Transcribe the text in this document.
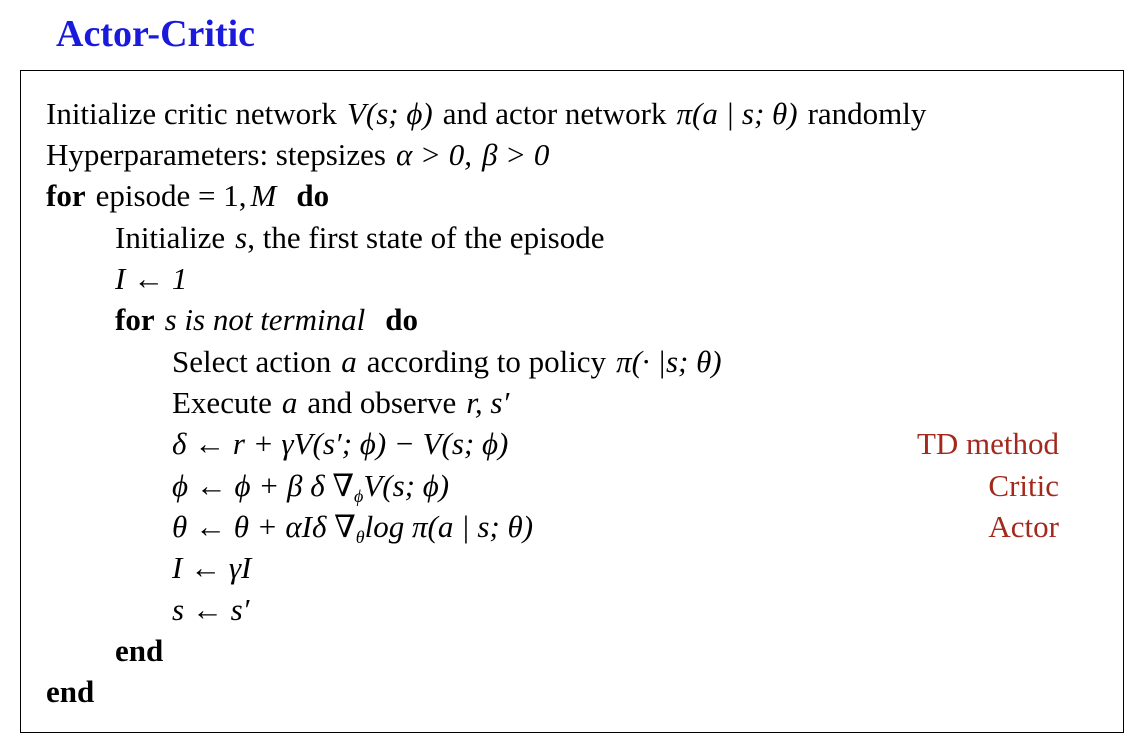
Actor-Critic
Initialize critic network V(s; ϕ) and actor network π(a | s; θ) randomly
Hyperparameters: stepsizes α > 0, β > 0
for episode = 1, M do
Initialize s, the first state of the episode
I ← 1
for s is not terminal do
Select action a according to policy π(· |s; θ)
Execute a and observe r, s′
δ ← r + γV(s′; ϕ) − V(s; ϕ)	TD method
ϕ ← ϕ + β δ $\nabla_\phi V(s$; ϕ)	Critic
θ ← θ + αIδ $\nabla_\theta\log$ π(a | s; θ)	Actor
I ← γI
s ← s′
end
end
